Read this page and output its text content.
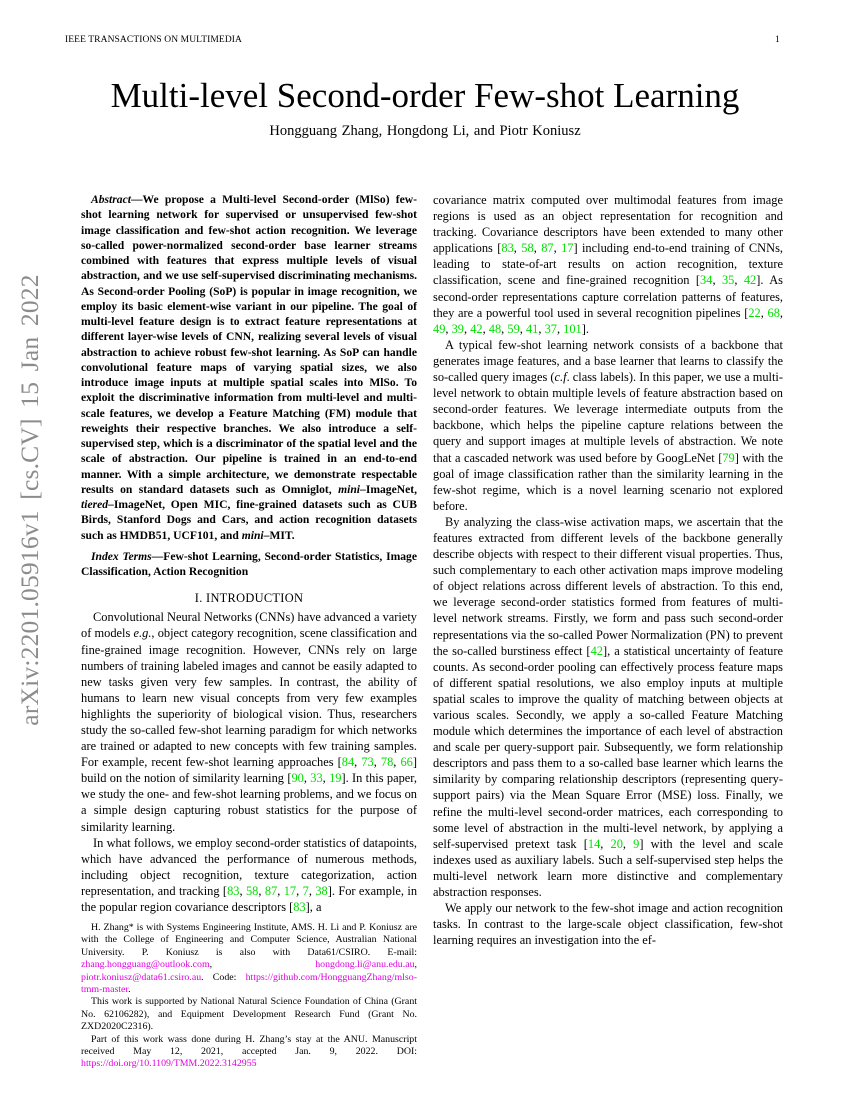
IEEE TRANSACTIONS ON MULTIMEDIA	1
arXiv:2201.05916v1 [cs.CV] 15 Jan 2022
Multi-level Second-order Few-shot Learning
Hongguang Zhang, Hongdong Li, and Piotr Koniusz

Abstract—We propose a Multi-level Second-order (MlSo) few-shot learning network for supervised or unsupervised few-shot image classification and few-shot action recognition. We leverage so-called power-normalized second-order base learner streams combined with features that express multiple levels of visual abstraction, and we use self-supervised discriminating mechanisms. As Second-order Pooling (SoP) is popular in image recognition, we employ its basic element-wise variant in our pipeline. The goal of multi-level feature design is to extract feature representations at different layer-wise levels of CNN, realizing several levels of visual abstraction to achieve robust few-shot learning. As SoP can handle convolutional feature maps of varying spatial sizes, we also introduce image inputs at multiple spatial scales into MlSo. To exploit the discriminative information from multi-level and multi-scale features, we develop a Feature Matching (FM) module that reweights their respective branches. We also introduce a self-supervised step, which is a discriminator of the spatial level and the scale of abstraction. Our pipeline is trained in an end-to-end manner. With a simple architecture, we demonstrate respectable results on standard datasets such as Omniglot, mini–ImageNet, tiered–ImageNet, Open MIC, fine-grained datasets such as CUB Birds, Stanford Dogs and Cars, and action recognition datasets such as HMDB51, UCF101, and mini–MIT.

Index Terms—Few-shot Learning, Second-order Statistics, Image Classification, Action Recognition

I. INTRODUCTION

Convolutional Neural Networks (CNNs) have advanced a variety of models e.g., object category recognition, scene classification and fine-grained image recognition. However, CNNs rely on large numbers of training labeled images and cannot be easily adapted to new tasks given very few samples. In contrast, the ability of humans to learn new visual concepts from very few examples highlights the superiority of biological vision. Thus, researchers study the so-called few-shot learning paradigm for which networks are trained or adapted to new concepts with few training samples. For example, recent few-shot learning approaches [84, 73, 78, 66] build on the notion of similarity learning [90, 33, 19]. In this paper, we study the one- and few-shot learning problems, and we focus on a simple design capturing robust statistics for the purpose of similarity learning.

In what follows, we employ second-order statistics of datapoints, which have advanced the performance of numerous methods, including object recognition, texture categorization, action representation, and tracking [83, 58, 87, 17, 7, 38]. For example, in the popular region covariance descriptors [83], a

H. Zhang* is with Systems Engineering Institute, AMS. H. Li and P. Koniusz are with the College of Engineering and Computer Science, Australian National University. P. Koniusz is also with Data61/CSIRO. E-mail: zhang.hongguang@outlook.com, hongdong.li@anu.edu.au, piotr.koniusz@data61.csiro.au. Code: https://github.com/HongguangZhang/mlso-tmm-master.

This work is supported by National Natural Science Foundation of China (Grant No. 62106282), and Equipment Development Research Fund (Grant No. ZXD2020C2316).

Part of this work wass done during H. Zhang’s stay at the ANU. Manuscript received May 12, 2021, accepted Jan. 9, 2022. DOI: https://doi.org/10.1109/TMM.2022.3142955

covariance matrix computed over multimodal features from image regions is used as an object representation for recognition and tracking. Covariance descriptors have been extended to many other applications [83, 58, 87, 17] including end-to-end training of CNNs, leading to state-of-art results on action recognition, texture classification, scene and fine-grained recognition [34, 35, 42]. As second-order representations capture correlation patterns of features, they are a powerful tool used in several recognition pipelines [22, 68, 49, 39, 42, 48, 59, 41, 37, 101].

A typical few-shot learning network consists of a backbone that generates image features, and a base learner that learns to classify the so-called query images (c.f. class labels). In this paper, we use a multi-level network to obtain multiple levels of feature abstraction based on second-order features. We leverage intermediate outputs from the backbone, which helps the pipeline capture relations between the query and support images at multiple levels of abstraction. We note that a cascaded network was used before by GoogLeNet [79] with the goal of image classification rather than the similarity learning in the few-shot regime, which is a novel learning scenario not explored before.

By analyzing the class-wise activation maps, we ascertain that the features extracted from different levels of the backbone generally describe objects with respect to their different visual properties. Thus, such complementary to each other activation maps improve modeling of object relations across different levels of abstraction. To this end, we leverage second-order statistics formed from features of multi-level network streams. Firstly, we form and pass such second-order representations via the so-called Power Normalization (PN) to prevent the so-called burstiness effect [42], a statistical uncertainty of feature counts. As second-order pooling can effectively process feature maps of different spatial resolutions, we also employ inputs at multiple spatial scales to improve the quality of matching between objects at various scales. Secondly, we apply a so-called Feature Matching module which determines the importance of each level of abstraction and scale per query-support pair. Subsequently, we form relationship descriptors and pass them to a so-called base learner which learns the similarity by comparing relationship descriptors (representing query-support pairs) via the Mean Square Error (MSE) loss. Finally, we refine the multi-level second-order matrices, each corresponding to some level of abstraction in the multi-level network, by applying a self-supervised pretext task [14, 20, 9] with the level and scale indexes used as auxiliary labels. Such a self-supervised step helps the multi-level network learn more distinctive and complementary abstraction responses.

We apply our network to the few-shot image and action recognition tasks. In contrast to the large-scale object classification, few-shot learning requires an investigation into the ef-
